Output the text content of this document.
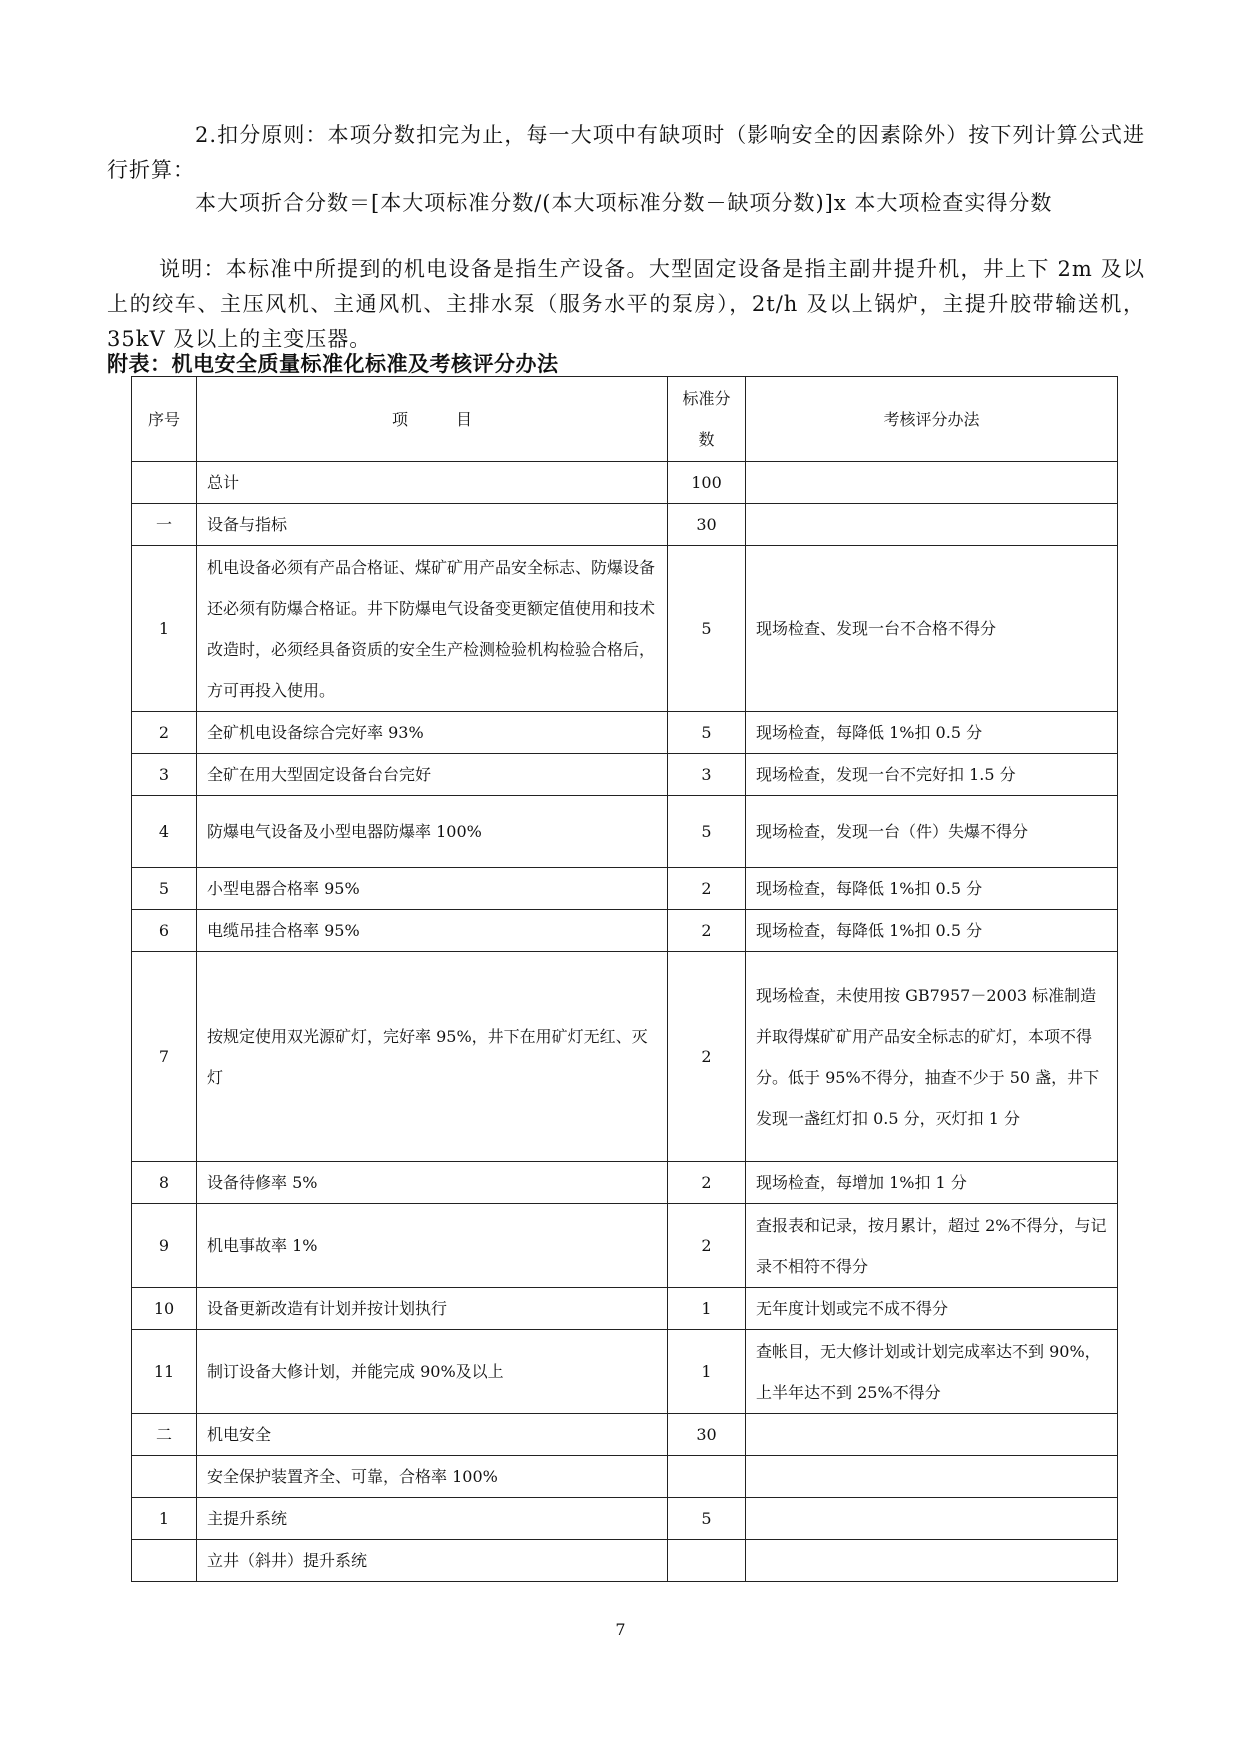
2.扣分原则：本项分数扣完为止，每一大项中有缺项时（影响安全的因素除外）按下列计算公式进行折算：

本大项折合分数＝[本大项标准分数/(本大项标准分数－缺项分数)]x 本大项检查实得分数

说明：本标准中所提到的机电设备是指生产设备。大型固定设备是指主副井提升机，井上下 2m 及以上的绞车、主压风机、主通风机、主排水泵（服务水平的泵房），2t/h 及以上锅炉，主提升胶带输送机，35kV 及以上的主变压器。

附表：机电安全质量标准化标准及考核评分办法

序号	项　　　目	标准分数	考核评分办法
	总计	100	
一	设备与指标	30	
1	机电设备必须有产品合格证、煤矿矿用产品安全标志、防爆设备还必须有防爆合格证。井下防爆电气设备变更额定值使用和技术改造时，必须经具备资质的安全生产检测检验机构检验合格后，方可再投入使用。	5	现场检查、发现一台不合格不得分
2	全矿机电设备综合完好率 93%	5	现场检查，每降低 1%扣 0.5 分
3	全矿在用大型固定设备台台完好	3	现场检查，发现一台不完好扣 1.5 分
4	防爆电气设备及小型电器防爆率 100%	5	现场检查，发现一台（件）失爆不得分
5	小型电器合格率 95%	2	现场检查，每降低 1%扣 0.5 分
6	电缆吊挂合格率 95%	2	现场检查，每降低 1%扣 0.5 分
7	按规定使用双光源矿灯，完好率 95%，井下在用矿灯无红、灭灯	2	现场检查，未使用按 GB7957－2003 标准制造并取得煤矿矿用产品安全标志的矿灯，本项不得分。低于 95%不得分，抽查不少于 50 盏，井下发现一盏红灯扣 0.5 分，灭灯扣 1 分
8	设备待修率 5%	2	现场检查，每增加 1%扣 1 分
9	机电事故率 1%	2	查报表和记录，按月累计，超过 2%不得分，与记录不相符不得分
10	设备更新改造有计划并按计划执行	1	无年度计划或完不成不得分
11	制订设备大修计划，并能完成 90%及以上	1	查帐目，无大修计划或计划完成率达不到 90%，上半年达不到 25%不得分
二	机电安全	30	
	安全保护装置齐全、可靠，合格率 100%		
1	主提升系统	5	
	立井（斜井）提升系统		

7
